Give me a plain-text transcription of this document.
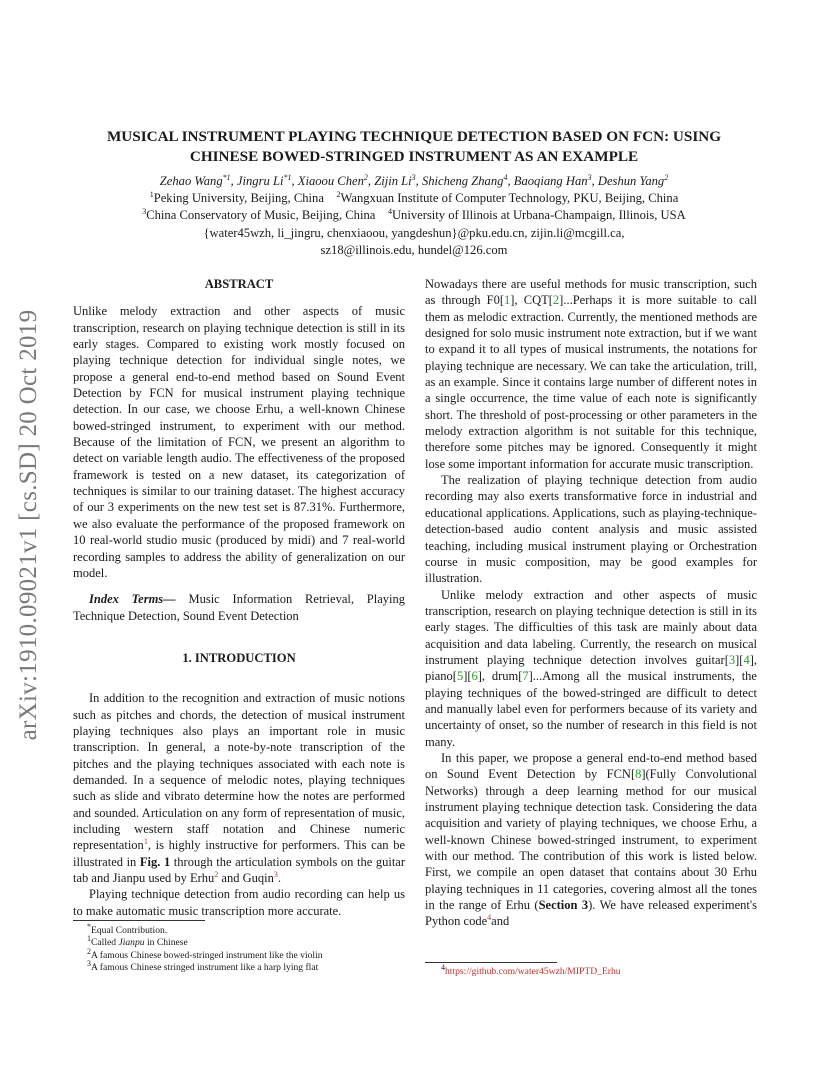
arXiv:1910.09021v1 [cs.SD] 20 Oct 2019
MUSICAL INSTRUMENT PLAYING TECHNIQUE DETECTION BASED ON FCN: USING
CHINESE BOWED-STRINGED INSTRUMENT AS AN EXAMPLE
Zehao Wang$^{*1}$, Jingru Li$^{*1}$, Xiaoou Chen$^2$, Zijin Li$^3$, Shicheng Zhang$^4$, Baoqiang Han$^3$, Deshun Yang$^2$
$^1$Peking University, Beijing, China    $^2$Wangxuan Institute of Computer Technology, PKU, Beijing, China
$^3$China Conservatory of Music, Beijing, China    $^4$University of Illinois at Urbana-Champaign, Illinois, USA
{water45wzh, li_jingru, chenxiaoou, yangdeshun}@pku.edu.cn, zijin.li@mcgill.ca,
sz18@illinois.edu, hundel@126.com
ABSTRACT

Unlike melody extraction and other aspects of music transcription, research on playing technique detection is still in its early stages. Compared to existing work mostly focused on playing technique detection for individual single notes, we propose a general end-to-end method based on Sound Event Detection by FCN for musical instrument playing technique detection. In our case, we choose Erhu, a well-known Chinese bowed-stringed instrument, to experiment with our method. Because of the limitation of FCN, we present an algorithm to detect on variable length audio. The effectiveness of the proposed framework is tested on a new dataset, its categorization of techniques is similar to our training dataset. The highest accuracy of our 3 experiments on the new test set is 87.31%. Furthermore, we also evaluate the performance of the proposed framework on 10 real-world studio music (produced by midi) and 7 real-world recording samples to address the ability of generalization on our model.

Index Terms— Music Information Retrieval, Playing Technique Detection, Sound Event Detection

1. INTRODUCTION

In addition to the recognition and extraction of music notions such as pitches and chords, the detection of musical instrument playing techniques also plays an important role in music transcription. In general, a note-by-note transcription of the pitches and the playing techniques associated with each note is demanded. In a sequence of melodic notes, playing techniques such as slide and vibrato determine how the notes are performed and sounded. Articulation on any form of representation of music, including western staff notation and Chinese numeric representation$^1$, is highly instructive for performers. This can be illustrated in Fig. 1 through the articulation symbols on the guitar tab and Jianpu used by Erhu$^2$ and Guqin$^3$.

Playing technique detection from audio recording can help us to make automatic music transcription more accurate.

*Equal Contribution.
$^1$Called Jianpu in Chinese
$^2$A famous Chinese bowed-stringed instrument like the violin
$^3$A famous Chinese stringed instrument like a harp lying flat

Nowadays there are useful methods for music transcription, such as through F0[1], CQT[2]...Perhaps it is more suitable to call them as melodic extraction. Currently, the mentioned methods are designed for solo music instrument note extraction, but if we want to expand it to all types of musical instruments, the notations for playing technique are necessary. We can take the articulation, trill, as an example. Since it contains large number of different notes in a single occurrence, the time value of each note is significantly short. The threshold of post-processing or other parameters in the melody extraction algorithm is not suitable for this technique, therefore some pitches may be ignored. Consequently it might lose some important information for accurate music transcription.

The realization of playing technique detection from audio recording may also exerts transformative force in industrial and educational applications. Applications, such as playing-technique-detection-based audio content analysis and music assisted teaching, including musical instrument playing or Orchestration course in music composition, may be good examples for illustration.

Unlike melody extraction and other aspects of music transcription, research on playing technique detection is still in its early stages. The difficulties of this task are mainly about data acquisition and data labeling. Currently, the research on musical instrument playing technique detection involves guitar[3][4], piano[5][6], drum[7]...Among all the musical instruments, the playing techniques of the bowed-stringed are difficult to detect and manually label even for performers because of its variety and uncertainty of onset, so the number of research in this field is not many.

In this paper, we propose a general end-to-end method based on Sound Event Detection by FCN[8](Fully Convolutional Networks) through a deep learning method for our musical instrument playing technique detection task. Considering the data acquisition and variety of playing techniques, we choose Erhu, a well-known Chinese bowed-stringed instrument, to experiment with our method. The contribution of this work is listed below. First, we compile an open dataset that contains about 30 Erhu playing techniques in 11 categories, covering almost all the tones in the range of Erhu (Section 3). We have released experiment's Python code$^4$and

$^4$https://github.com/water45wzh/MIPTD_Erhu
